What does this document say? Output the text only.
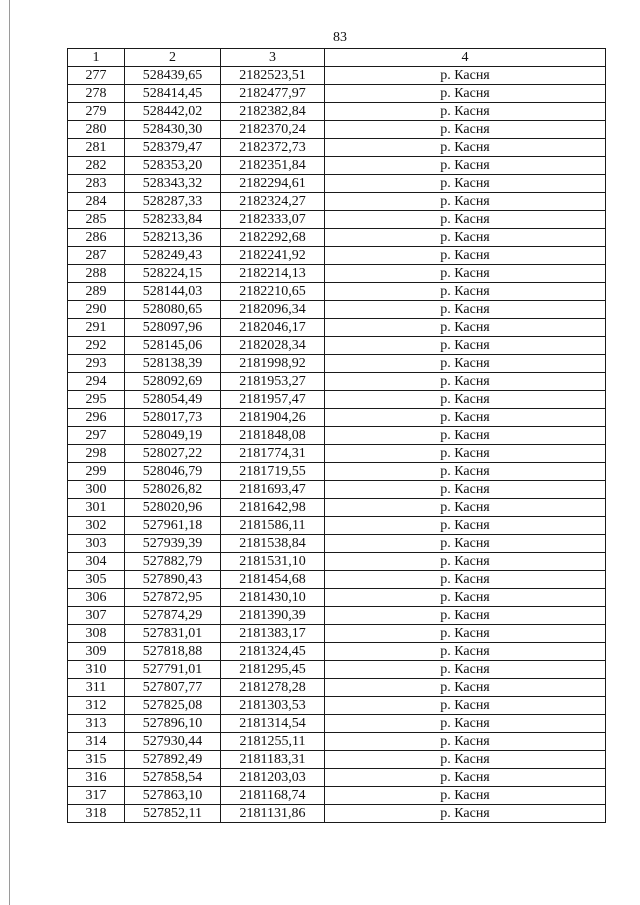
83
1	2	3	4
277	528439,65	2182523,51	р. Касня
278	528414,45	2182477,97	р. Касня
279	528442,02	2182382,84	р. Касня
280	528430,30	2182370,24	р. Касня
281	528379,47	2182372,73	р. Касня
282	528353,20	2182351,84	р. Касня
283	528343,32	2182294,61	р. Касня
284	528287,33	2182324,27	р. Касня
285	528233,84	2182333,07	р. Касня
286	528213,36	2182292,68	р. Касня
287	528249,43	2182241,92	р. Касня
288	528224,15	2182214,13	р. Касня
289	528144,03	2182210,65	р. Касня
290	528080,65	2182096,34	р. Касня
291	528097,96	2182046,17	р. Касня
292	528145,06	2182028,34	р. Касня
293	528138,39	2181998,92	р. Касня
294	528092,69	2181953,27	р. Касня
295	528054,49	2181957,47	р. Касня
296	528017,73	2181904,26	р. Касня
297	528049,19	2181848,08	р. Касня
298	528027,22	2181774,31	р. Касня
299	528046,79	2181719,55	р. Касня
300	528026,82	2181693,47	р. Касня
301	528020,96	2181642,98	р. Касня
302	527961,18	2181586,11	р. Касня
303	527939,39	2181538,84	р. Касня
304	527882,79	2181531,10	р. Касня
305	527890,43	2181454,68	р. Касня
306	527872,95	2181430,10	р. Касня
307	527874,29	2181390,39	р. Касня
308	527831,01	2181383,17	р. Касня
309	527818,88	2181324,45	р. Касня
310	527791,01	2181295,45	р. Касня
311	527807,77	2181278,28	р. Касня
312	527825,08	2181303,53	р. Касня
313	527896,10	2181314,54	р. Касня
314	527930,44	2181255,11	р. Касня
315	527892,49	2181183,31	р. Касня
316	527858,54	2181203,03	р. Касня
317	527863,10	2181168,74	р. Касня
318	527852,11	2181131,86	р. Касня
